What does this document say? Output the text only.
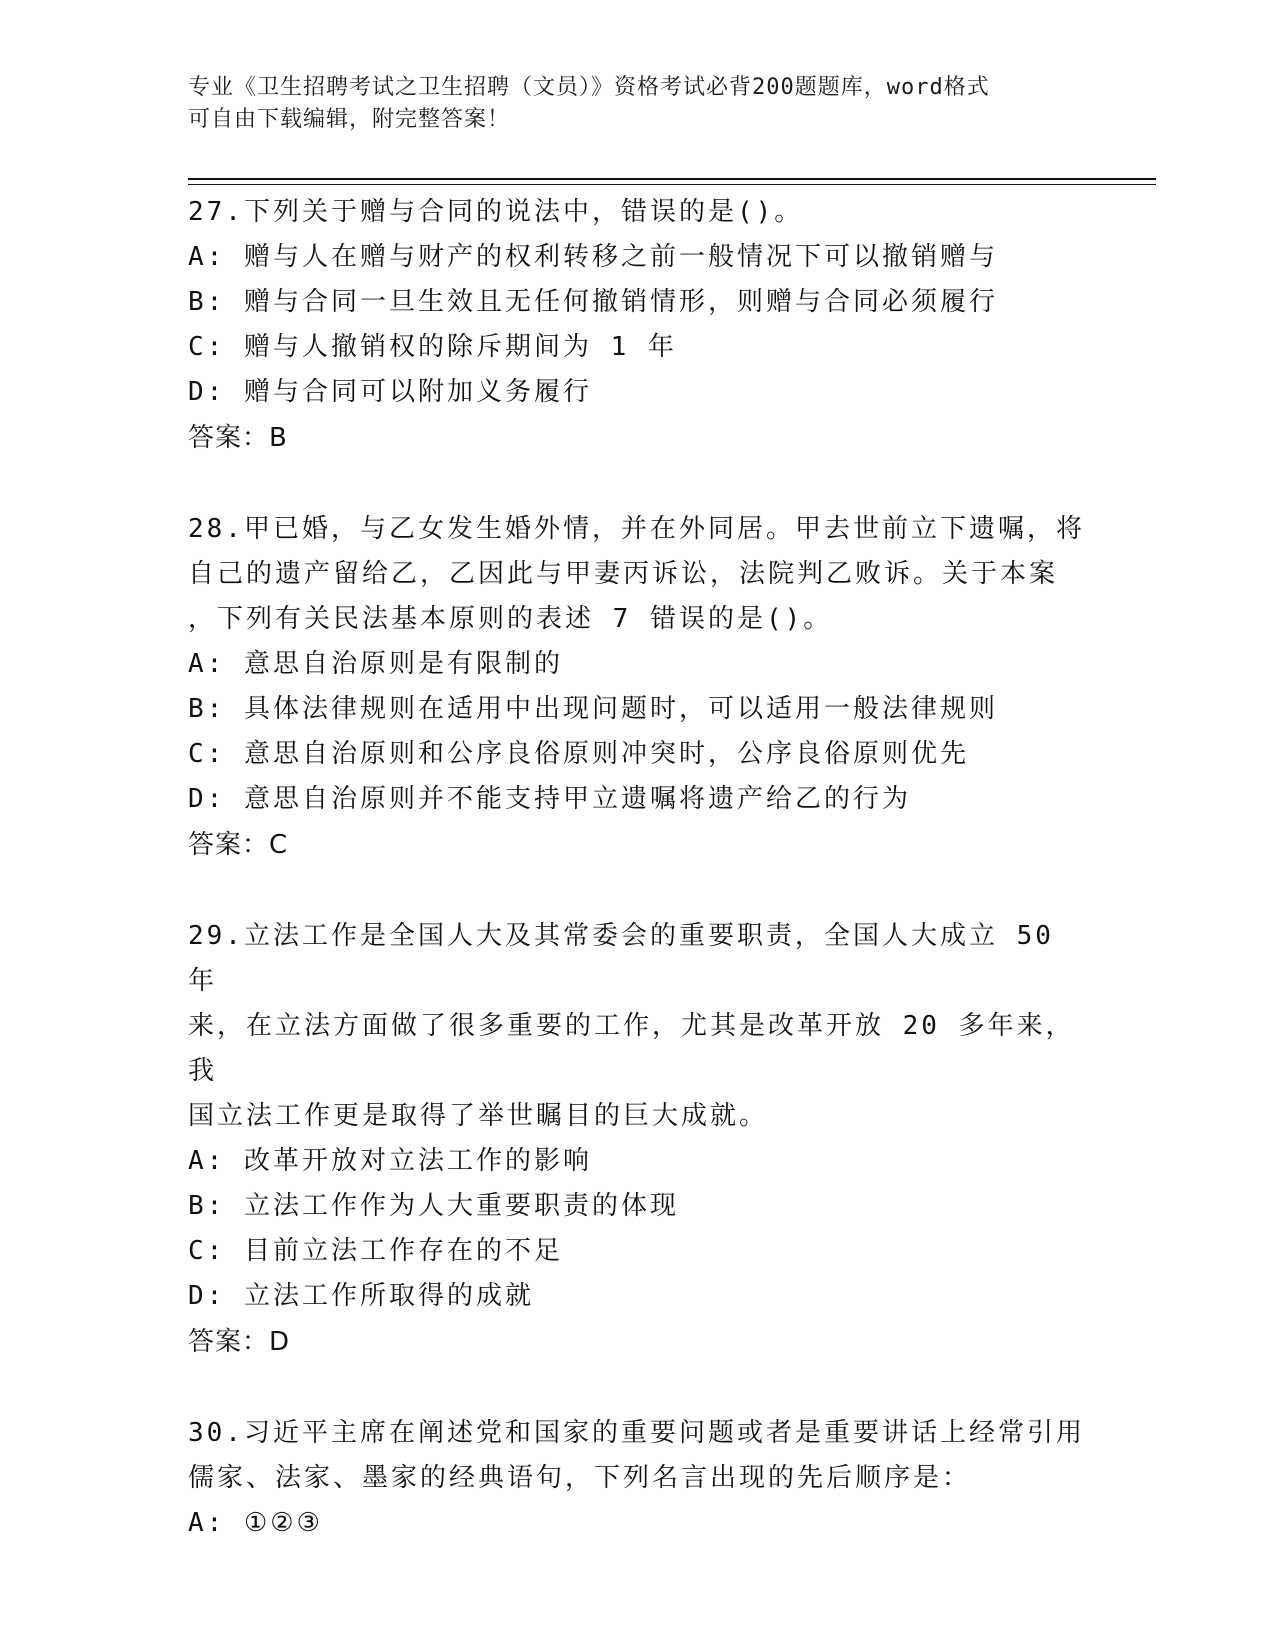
专业《卫生招聘考试之卫生招聘（文员）》资格考试必背200题题库，word格式
可自由下载编辑，附完整答案！
27.下列关于赠与合同的说法中，错误的是()。
A: 赠与人在赠与财产的权利转移之前一般情况下可以撤销赠与
B: 赠与合同一旦生效且无任何撤销情形，则赠与合同必须履行
C: 赠与人撤销权的除斥期间为 1 年
D: 赠与合同可以附加义务履行
答案：B
28.甲已婚，与乙女发生婚外情，并在外同居。甲去世前立下遗嘱，将
自己的遗产留给乙，乙因此与甲妻丙诉讼，法院判乙败诉。关于本案
，下列有关民法基本原则的表述 7 错误的是()。
A: 意思自治原则是有限制的
B: 具体法律规则在适用中出现问题时，可以适用一般法律规则
C: 意思自治原则和公序良俗原则冲突时，公序良俗原则优先
D: 意思自治原则并不能支持甲立遗嘱将遗产给乙的行为
答案：C
29.立法工作是全国人大及其常委会的重要职责，全国人大成立 50 年
来，在立法方面做了很多重要的工作，尤其是改革开放 20 多年来，我
国立法工作更是取得了举世瞩目的巨大成就。
A: 改革开放对立法工作的影响
B: 立法工作作为人大重要职责的体现
C: 目前立法工作存在的不足
D: 立法工作所取得的成就
答案：D
30.习近平主席在阐述党和国家的重要问题或者是重要讲话上经常引用
儒家、法家、墨家的经典语句，下列名言出现的先后顺序是：
A: ①②③
